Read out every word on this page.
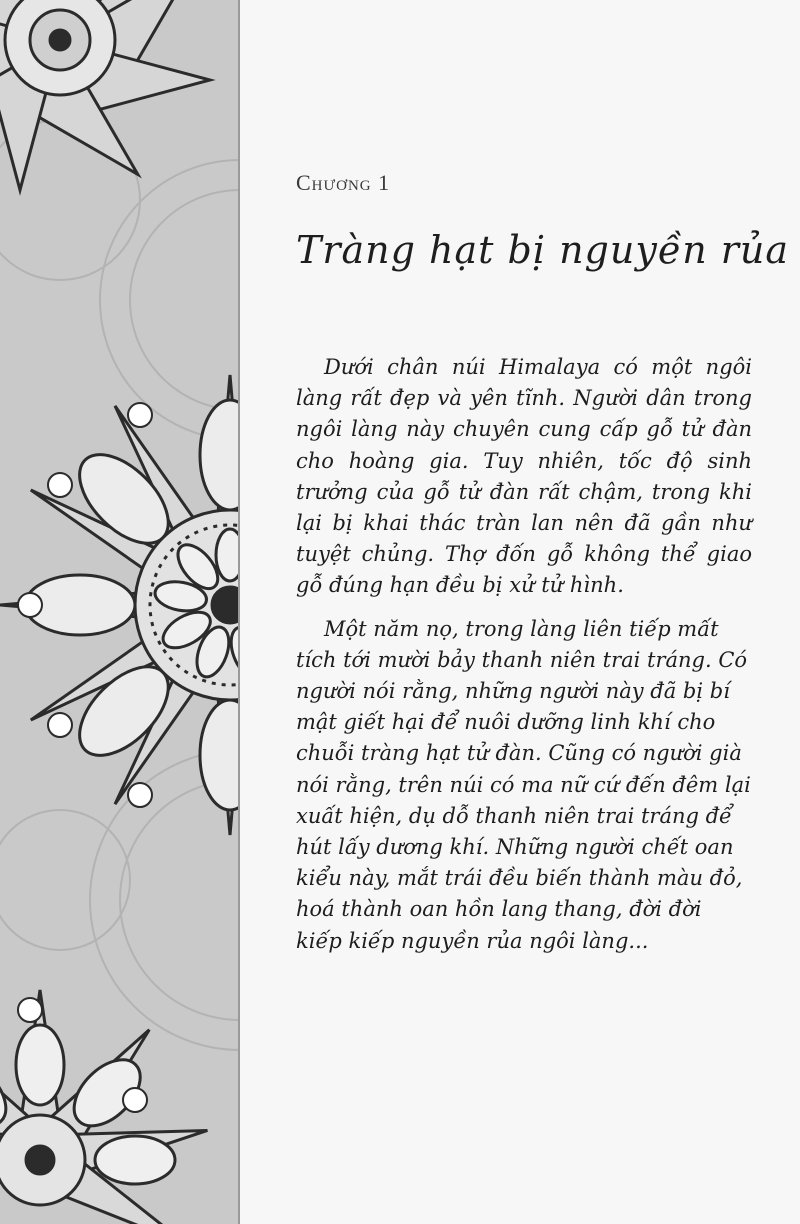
Chương 1
Tràng hạt bị nguyền rủa

Dưới chân núi Himalaya có một ngôi làng rất đẹp và yên tĩnh. Người dân trong ngôi làng này chuyên cung cấp gỗ tử đàn cho hoàng gia. Tuy nhiên, tốc độ sinh trưởng của gỗ tử đàn rất chậm, trong khi lại bị khai thác tràn lan nên đã gần như tuyệt chủng. Thợ đốn gỗ không thể giao gỗ đúng hạn đều bị xử tử hình.

Một năm nọ, trong làng liên tiếp mất tích tới mười bảy thanh niên trai tráng. Có người nói rằng, những người này đã bị bí mật giết hại để nuôi dưỡng linh khí cho chuỗi tràng hạt tử đàn. Cũng có người già nói rằng, trên núi có ma nữ cứ đến đêm lại xuất hiện, dụ dỗ thanh niên trai tráng để hút lấy dương khí. Những người chết oan kiểu này, mắt trái đều biến thành màu đỏ, hoá thành oan hồn lang thang, đời đời kiếp kiếp nguyền rủa ngôi làng...
